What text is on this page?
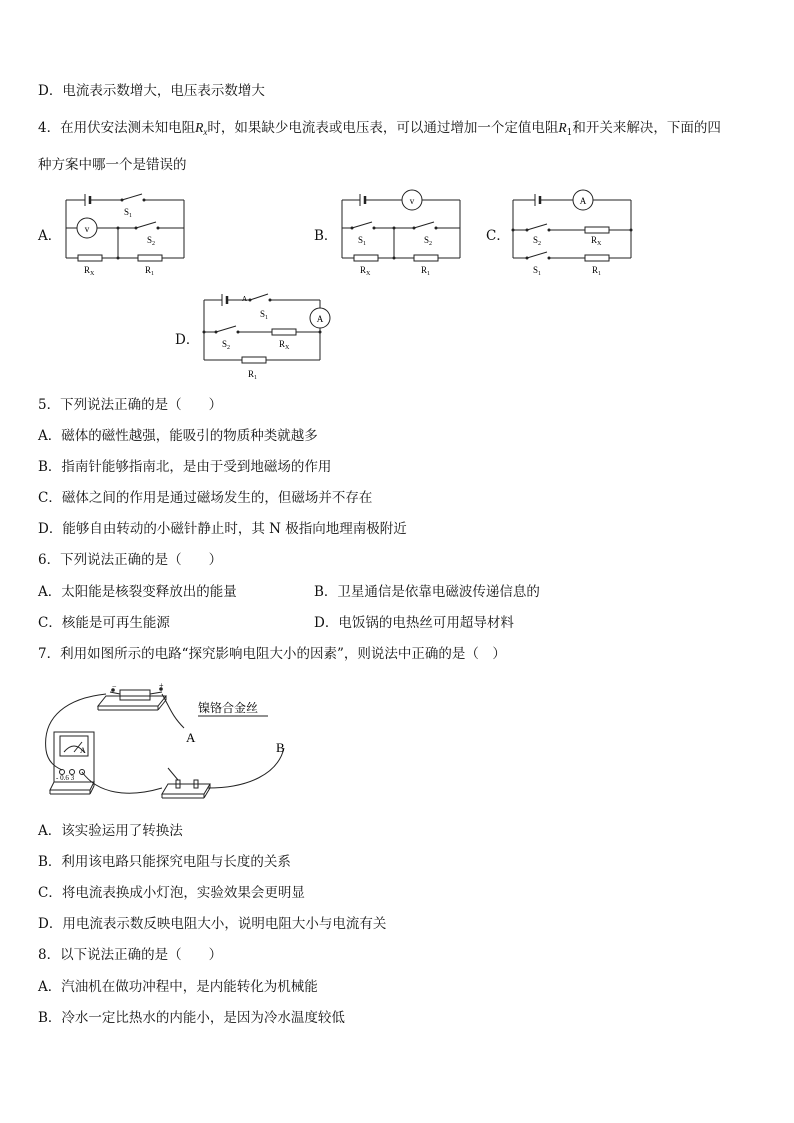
D．电流表示数增大，电压表示数增大
4．在用伏安法测未知电阻$R_x$时，如果缺少电流表或电压表，可以通过增加一个定值电阻$R_1$和开关来解决，下面的四
种方案中哪一个是错误的
A．	B．	C．
D．
v
$S_1$
$S_2$
$R_X$	$R_1$
v
$S_1$	$S_2$
$R_X$	$R_1$
A
$S_2$	$R_X$
$S_1$	$R_1$
A
A
$S_1$
$S_2$	$R_X$
$R_1$
5．下列说法正确的是（　　）
A．磁体的磁性越强，能吸引的物质种类就越多
B．指南针能够指南北，是由于受到地磁场的作用
C．磁体之间的作用是通过磁场发生的，但磁场并不存在
D．能够自由转动的小磁针静止时，其 N 极指向地理南极附近
6．下列说法正确的是（　　）
A．太阳能是核裂变释放出的能量	B．卫星通信是依靠电磁波传递信息的
C．核能是可再生能源	D．电饭锅的电热丝可用超导材料
7．利用如图所示的电路“探究影响电阻大小的因素”，则说法中正确的是（　）
−	+
镍铬合金丝
A
B
A
- 0.6 3
A．该实验运用了转换法
B．利用该电路只能探究电阻与长度的关系
C．将电流表换成小灯泡，实验效果会更明显
D．用电流表示数反映电阻大小，说明电阻大小与电流有关
8．以下说法正确的是（　　）
A．汽油机在做功冲程中，是内能转化为机械能
B．冷水一定比热水的内能小，是因为冷水温度较低
